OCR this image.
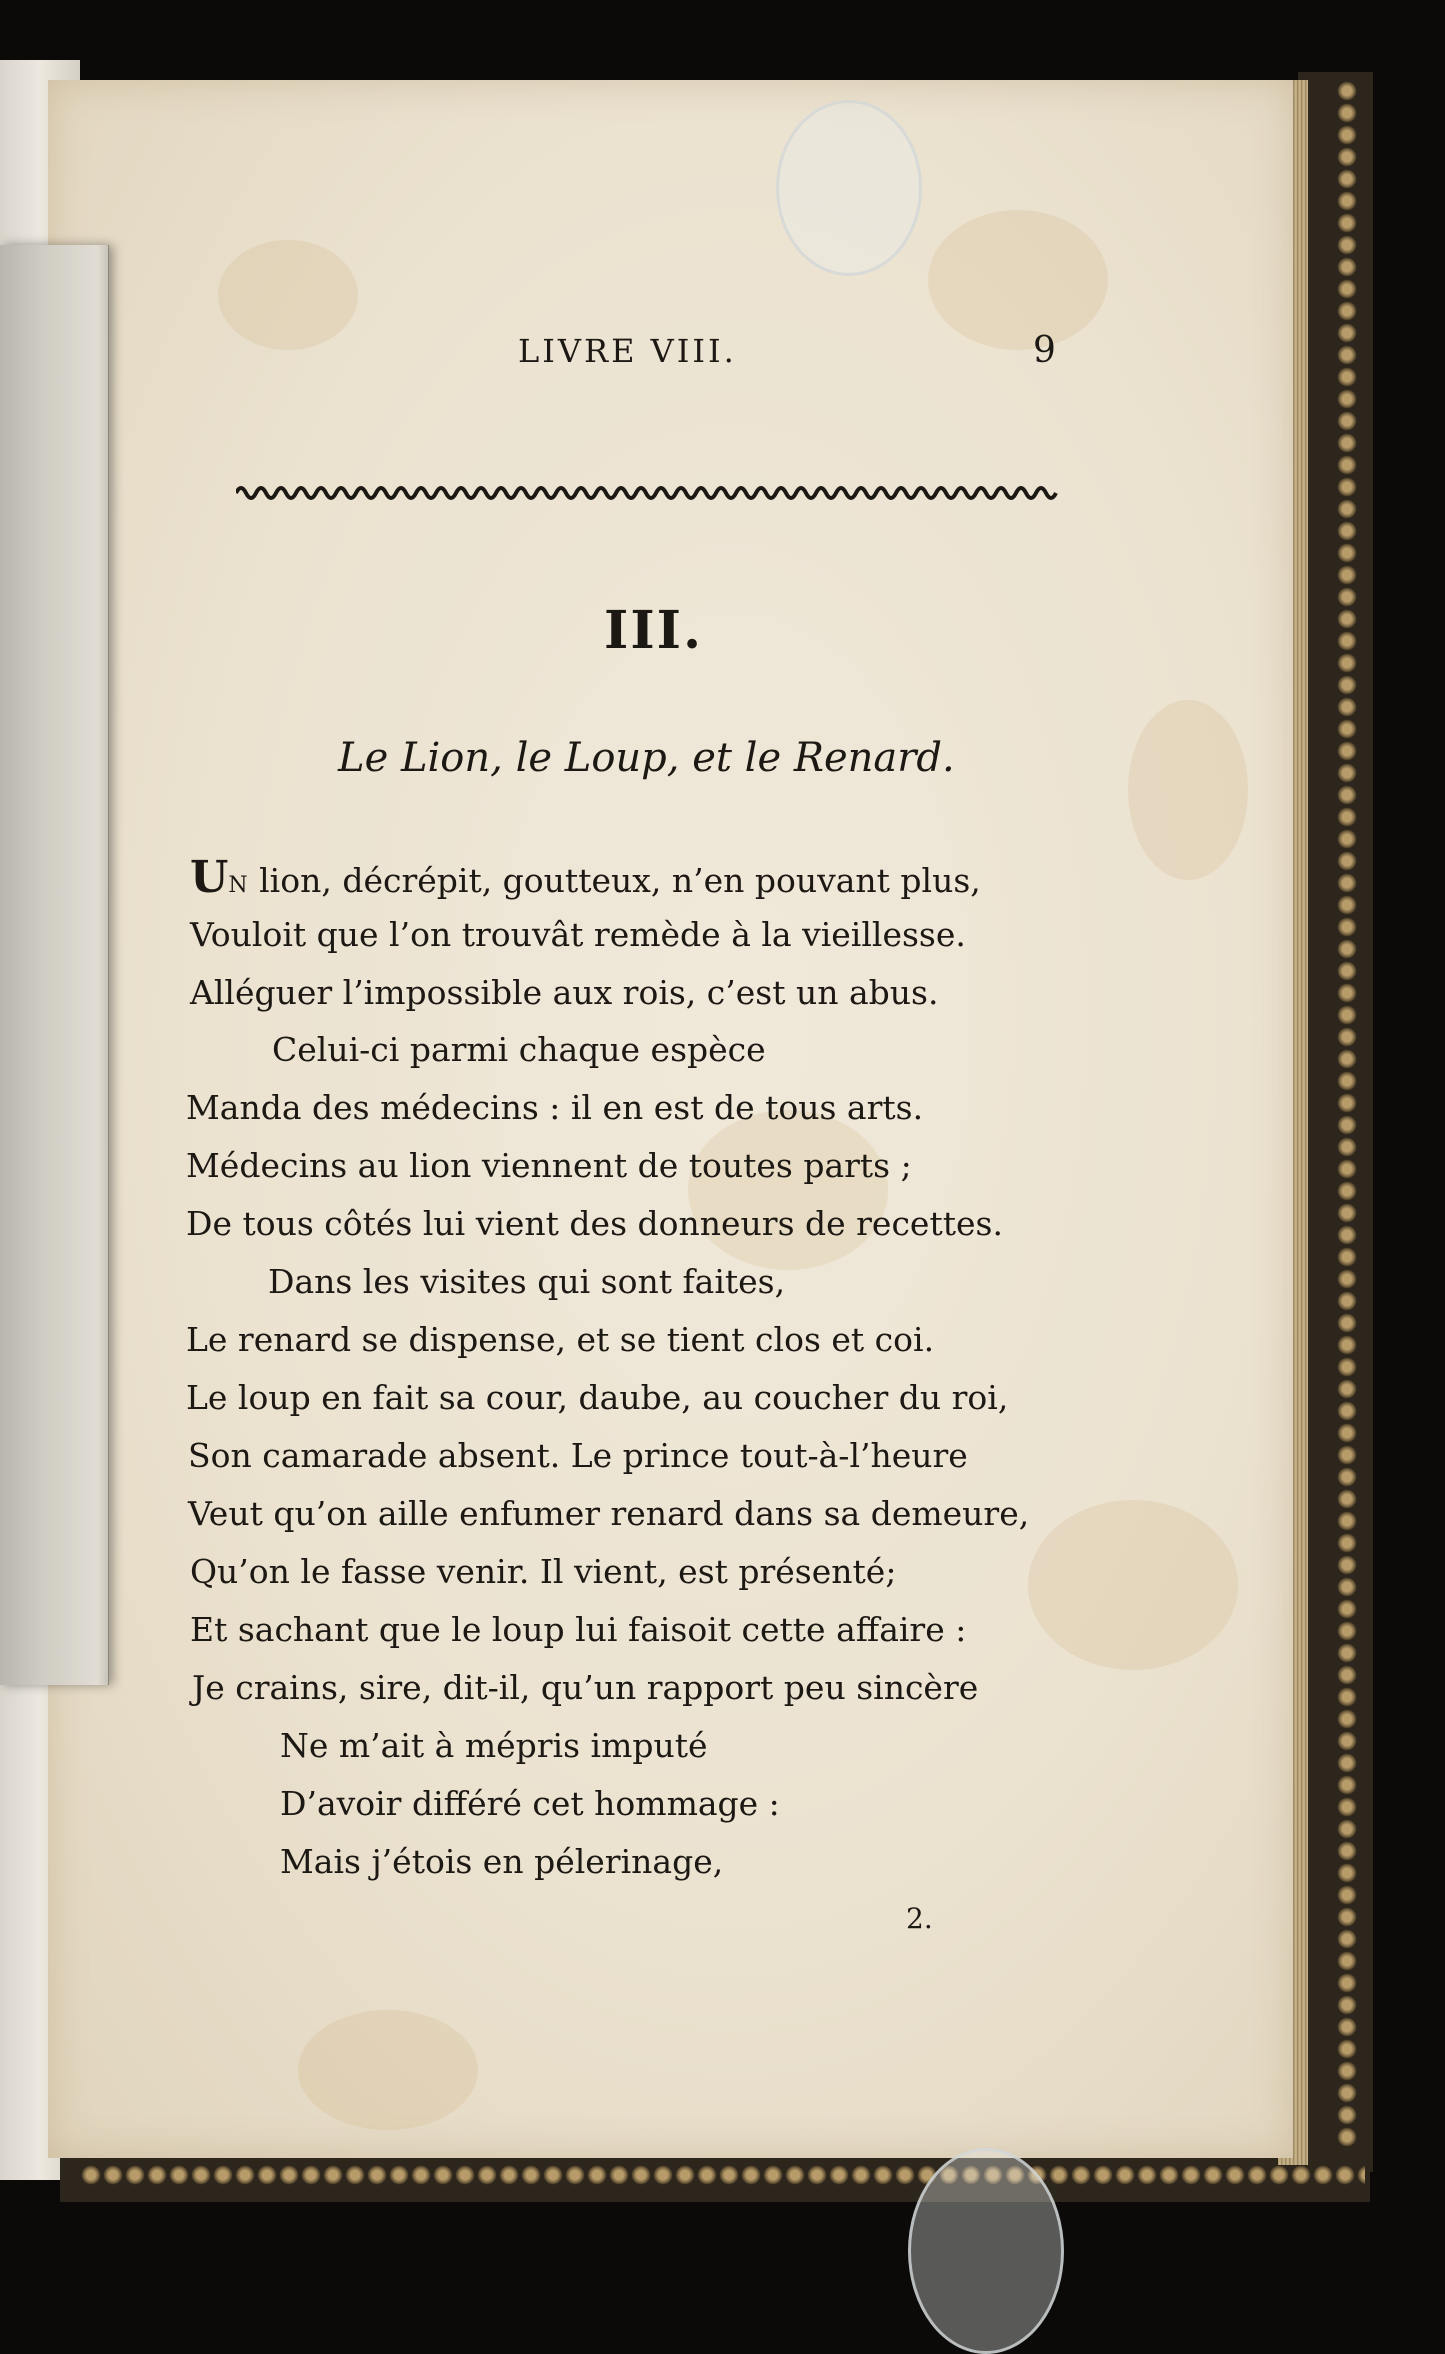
LIVRE VIII.	9
III.
Le Lion, le Loup, et le Renard.
UN lion, décrépit, goutteux, n’en pouvant plus,
Vouloit que l’on trouvât remède à la vieillesse.
Alléguer l’impossible aux rois, c’est un abus.
Celui-ci parmi chaque espèce
Manda des médecins : il en est de tous arts.
Médecins au lion viennent de toutes parts ;
De tous côtés lui vient des donneurs de recettes.
Dans les visites qui sont faites,
Le renard se dispense, et se tient clos et coi.
Le loup en fait sa cour, daube, au coucher du roi,
Son camarade absent. Le prince tout-à-l’heure
Veut qu’on aille enfumer renard dans sa demeure,
Qu’on le fasse venir. Il vient, est présenté;
Et sachant que le loup lui faisoit cette affaire :
Je crains, sire, dit-il, qu’un rapport peu sincère
Ne m’ait à mépris imputé
D’avoir différé cet hommage :
Mais j’étois en pélerinage,
2.
